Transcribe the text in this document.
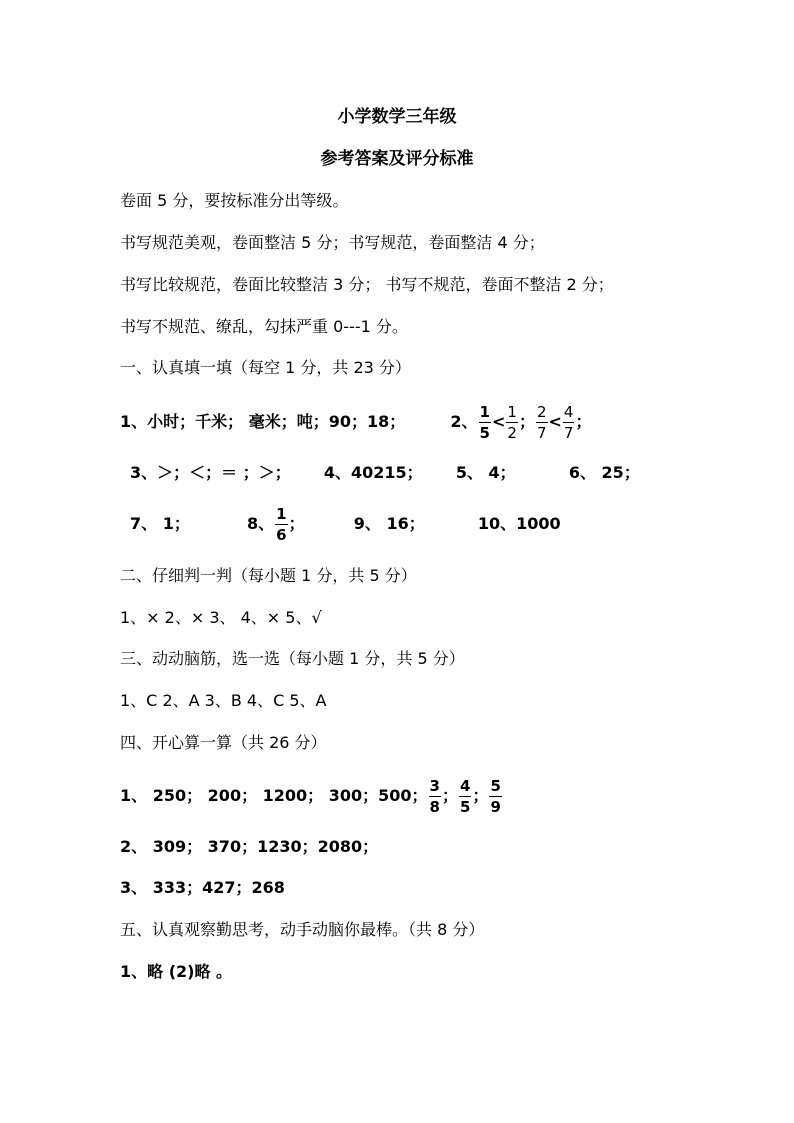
小学数学三年级
参考答案及评分标准
卷面 5 分，要按标准分出等级。
书写规范美观，卷面整洁 5 分；书写规范，卷面整洁 4 分；
书写比较规范，卷面比较整洁 3 分； 书写不规范，卷面不整洁 2 分；
书写不规范、缭乱，勾抹严重 0---1 分。
一、认真填一填（每空 1 分，共 23 分）
1、小时；千米； 毫米；吨；90；18；	2、 $\frac{1}{5} < \frac{1}{2}$ ； $\frac{2}{7} < \frac{4}{7}$ ；
3、＞；＜；＝ ；＞； 4、40215； 5、 4；	6、 25；
7、 1；	8、 $\frac{1}{6}$ ；	9、 16；	10、1000
二、仔细判一判（每小题 1 分，共 5 分）
1、× 2、× 3、 4、× 5、√
三、动动脑筋，选一选（每小题 1 分，共 5 分）
1、C 2、A 3、B 4、C 5、A
四、开心算一算（共 26 分）
1、 250； 200； 1200； 300；500； $\frac{3}{8}$ ； $\frac{4}{5}$ ； $\frac{5}{9}$
2、 309； 370；1230；2080；
3、 333；427；268
五、认真观察勤思考，动手动脑你最棒。（共 8 分）
1、略 (2)略 。
